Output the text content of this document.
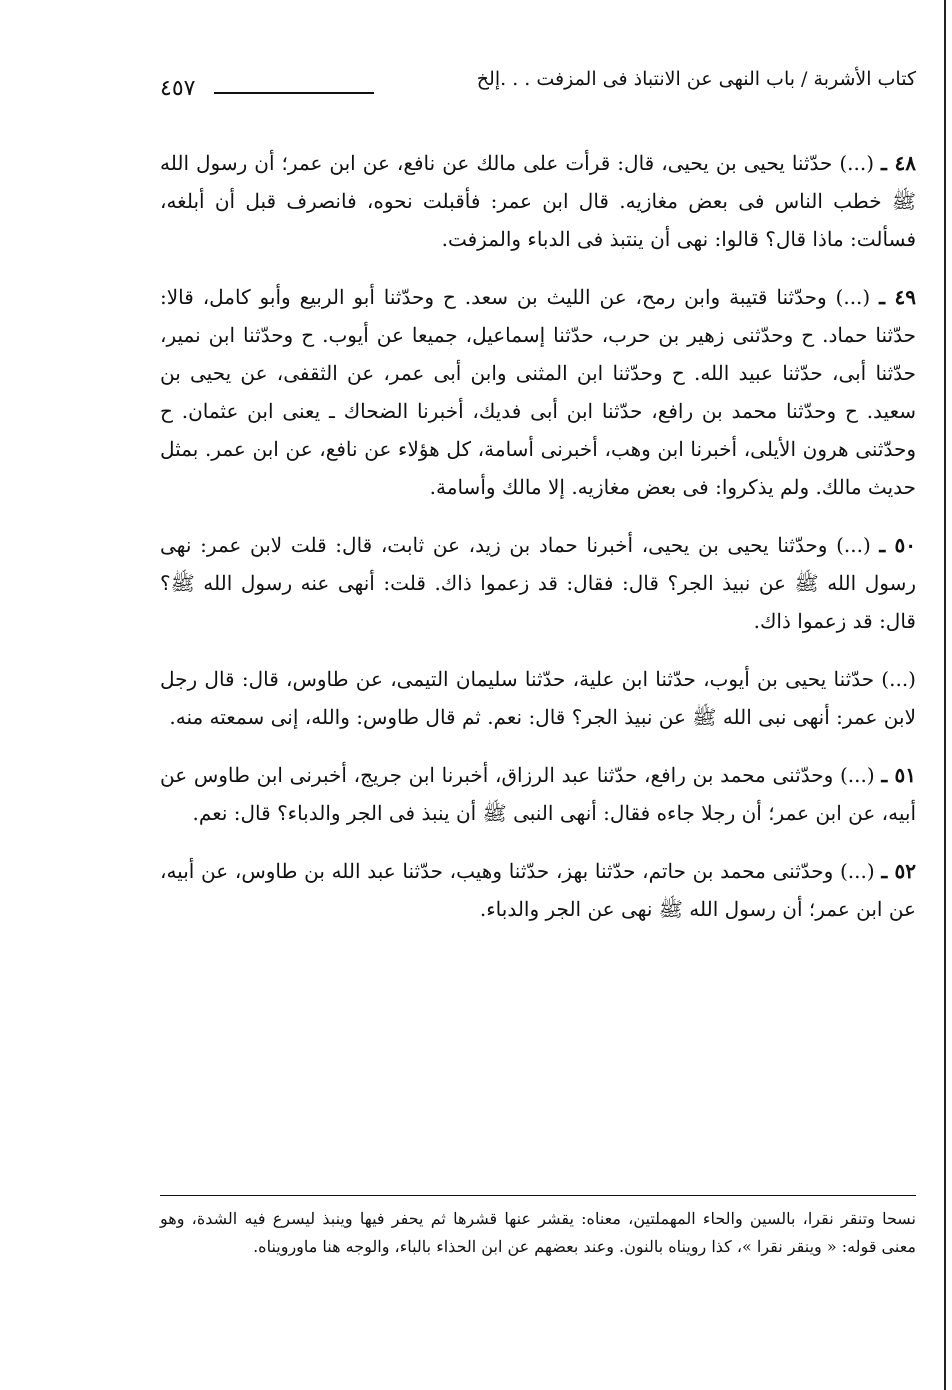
كتاب الأشربة / باب النهى عن الانتباذ فى المزفت . . .إلخ
٤٥٧

٤٨ ـ (...) حدّثنا يحيى بن يحيى، قال: قرأت على مالك عن نافع، عن ابن عمر؛ أن رسول الله ﷺ خطب الناس فى بعض مغازيه. قال ابن عمر: فأقبلت نحوه، فانصرف قبل أن أبلغه، فسألت: ماذا قال؟ قالوا: نهى أن ينتبذ فى الدباء والمزفت.

٤٩ ـ (...) وحدّثنا قتيبة وابن رمح، عن الليث بن سعد. ح وحدّثنا أبو الربيع وأبو كامل، قالا: حدّثنا حماد. ح وحدّثنى زهير بن حرب، حدّثنا إسماعيل، جميعا عن أيوب. ح وحدّثنا ابن نمير، حدّثنا أبى، حدّثنا عبيد الله. ح وحدّثنا ابن المثنى وابن أبى عمر، عن الثقفى، عن يحيى بن سعيد. ح وحدّثنا محمد بن رافع، حدّثنا ابن أبى فديك، أخبرنا الضحاك ـ يعنى ابن عثمان. ح وحدّثنى هرون الأيلى، أخبرنا ابن وهب، أخبرنى أسامة، كل هؤلاء عن نافع، عن ابن عمر. بمثل حديث مالك. ولم يذكروا: فى بعض مغازيه. إلا مالك وأسامة.

٥٠ ـ (...) وحدّثنا يحيى بن يحيى، أخبرنا حماد بن زيد، عن ثابت، قال: قلت لابن عمر: نهى رسول الله ﷺ عن نبيذ الجر؟ قال: فقال: قد زعموا ذاك. قلت: أنهى عنه رسول الله ﷺ؟ قال: قد زعموا ذاك.

(...) حدّثنا يحيى بن أيوب، حدّثنا ابن علية، حدّثنا سليمان التيمى، عن طاوس، قال: قال رجل لابن عمر: أنهى نبى الله ﷺ عن نبيذ الجر؟ قال: نعم. ثم قال طاوس: والله، إنى سمعته منه.

٥١ ـ (...) وحدّثنى محمد بن رافع، حدّثنا عبد الرزاق، أخبرنا ابن جريج، أخبرنى ابن طاوس عن أبيه، عن ابن عمر؛ أن رجلا جاءه فقال: أنهى النبى ﷺ أن ينبذ فى الجر والدباء؟ قال: نعم.

٥٢ ـ (...) وحدّثنى محمد بن حاتم، حدّثنا بهز، حدّثنا وهيب، حدّثنا عبد الله بن طاوس، عن أبيه، عن ابن عمر؛ أن رسول الله ﷺ نهى عن الجر والدباء.

نسحا وتنقر نقرا، بالسين والحاء المهملتين، معناه: يقشر عنها قشرها ثم يحفر فيها وينبذ ليسرع فيه الشدة، وهو معنى قوله: « وينقر نقرا »، كذا رويناه بالنون. وعند بعضهم عن ابن الحذاء بالباء، والوجه هنا ماورويناه.
